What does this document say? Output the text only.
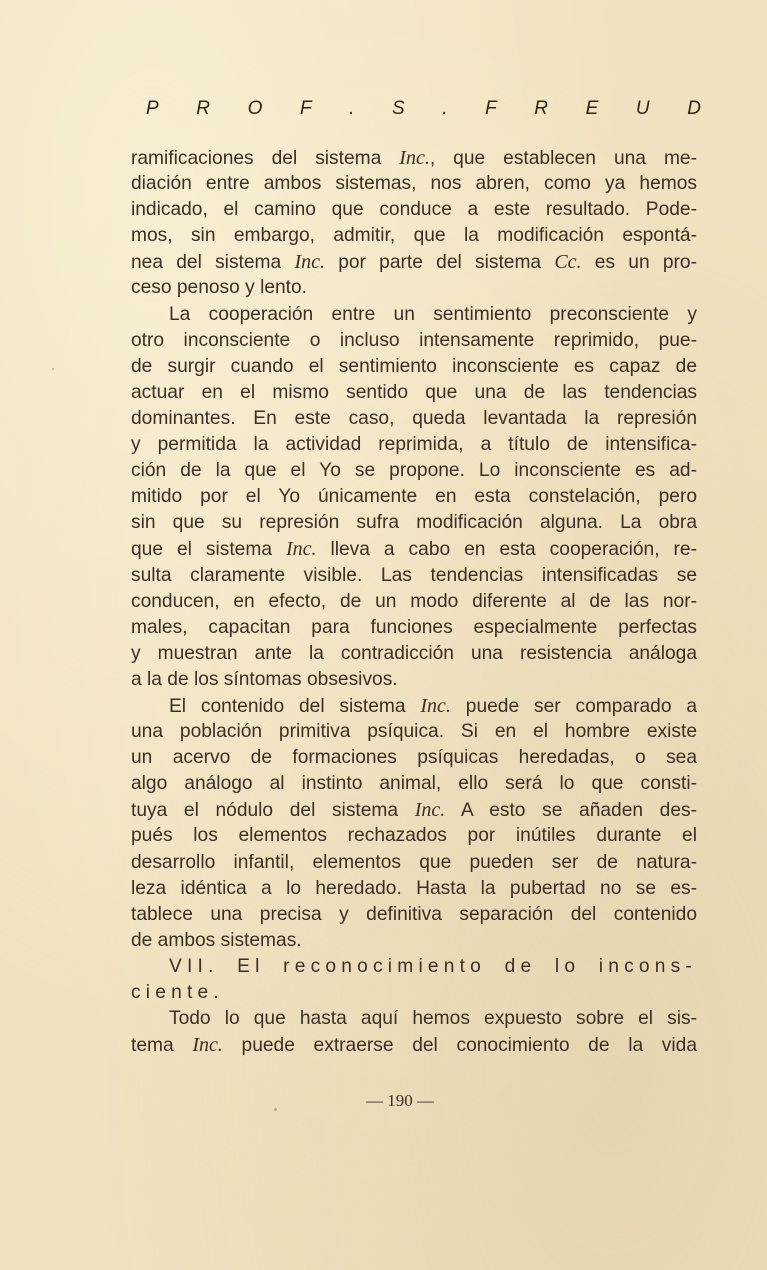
P R O F . S . F R E U D
ramificaciones del sistema Inc., que establecen una me-
diación entre ambos sistemas, nos abren, como ya hemos
indicado, el camino que conduce a este resultado. Pode-
mos, sin embargo, admitir, que la modificación espontá-
nea del sistema Inc. por parte del sistema Cc. es un pro-
ceso penoso y lento.
La cooperación entre un sentimiento preconsciente y
otro inconsciente o incluso intensamente reprimido, pue-
de surgir cuando el sentimiento inconsciente es capaz de
actuar en el mismo sentido que una de las tendencias
dominantes. En este caso, queda levantada la represión
y permitida la actividad reprimida, a título de intensifica-
ción de la que el Yo se propone. Lo inconsciente es ad-
mitido por el Yo únicamente en esta constelación, pero
sin que su represión sufra modificación alguna. La obra
que el sistema Inc. lleva a cabo en esta cooperación, re-
sulta claramente visible. Las tendencias intensificadas se
conducen, en efecto, de un modo diferente al de las nor-
males, capacitan para funciones especialmente perfectas
y muestran ante la contradicción una resistencia análoga
a la de los síntomas obsesivos.
El contenido del sistema Inc. puede ser comparado a
una población primitiva psíquica. Si en el hombre existe
un acervo de formaciones psíquicas heredadas, o sea
algo análogo al instinto animal, ello será lo que consti-
tuya el nódulo del sistema Inc. A esto se añaden des-
pués los elementos rechazados por inútiles durante el
desarrollo infantil, elementos que pueden ser de natura-
leza idéntica a lo heredado. Hasta la pubertad no se es-
tablece una precisa y definitiva separación del contenido
de ambos sistemas.
VII. El reconocimiento de lo incons-
ciente.
Todo lo que hasta aquí hemos expuesto sobre el sis-
tema Inc. puede extraerse del conocimiento de la vida
— 190 —
